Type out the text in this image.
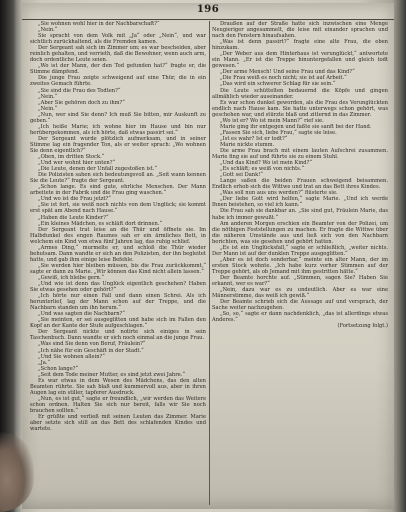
196

„Sie wohnen wohl hier in der Nachbarschaft?“

„Nein.“

Sie spracht von dem Volk mit „Ja“ oder „Nein“, und war sichtlich zurückhaltend, als die Fremden kamen.

Der Sergeant sah sich im Zimmer um; es war bescheiden, aber reinlich gehalten, und verrieth, daß die Bewohner, wenn auch arm, doch ordentliche Leute seien.

„Wo ist der Mann, der den Tod gefunden hat?“ fragte er, die Stimme dämpfend.

Die junge Frau zeigte schweigend auf eine Thür, die in ein zweites Gemach führte.

„Sie sind die Frau des Todten?“

„Nein.“

„Aber Sie gehören doch zu ihm?“

„Nein.“

„Nun, wer sind Sie denn? Ich muß Sie bitten, mir Auskunft zu geben.“

„Ich heiße Marie; ich wohne hier im Hause und bin nur herübergekommen, als ich hörte, daß etwas passirt sei.“

Der Sergeant wurde plötzlich aufmerksam, und in seiner Stimme lag ein fragender Ton, als er weiter sprach: „Wo wohnen Sie denn eigentlich?“

„Oben, im dritten Stock.“

„Und wer wohnt hier unten?“

„Die Leute, denen der Unfall zugestoßen ist.“

Die Polizisten sahen sich bedeutungsvoll an. „Seit wann kennen Sie die Leute?“ fragte der Sergeant.

„Schon lange. Es sind gute, ehrliche Menschen. Der Mann arbeitete in der Fabrik und die Frau ging waschen.“

„Und wo ist die Frau jetzt?“

„Sie ist fort, sie weiß noch nichts von dem Unglück; sie kommt erst spät am Abend nach Hause.“

„Haben die Leute Kinder?“

„Ein kleines Mädchen, es schläft dort drinnen.“

Der Sergeant trat leise an die Thür und öffnete sie. Im Halbdunkel des engen Raumes sah er ein ärmliches Bett, in welchem ein Kind von etwa fünf Jahren lag, das ruhig schlief.

„Armes Ding,“ murmelte er, und schloß die Thür wieder behutsam. Dann wandte er sich an den Polizisten, der ihn begleitet hatte, und gab ihm einige leise Befehle.

„Sie werden hier bleiben müssen, bis die Frau zurückkommt,“ sagte er dann zu Marie. „Wir können das Kind nicht allein lassen.“

„Gewiß, ich bleibe gern.“

„Und wie ist denn das Unglück eigentlich geschehen? Haben Sie etwas gesehen oder gehört?“

„Ich hörte nur einen Fall und dann einen Schrei. Als ich herunterlief, lag der Mann schon auf der Treppe, und die Nachbarn standen um ihn herum.“

„Und was sagten die Nachbarn?“

„Sie meinten, er sei ausgeglitten und habe sich im Fallen den Kopf an der Kante der Stufe aufgeschlagen.“

Der Sergeant nickte und notirte sich einiges in sein Taschenbuch. Dann wandte er sich noch einmal an die junge Frau.

„Was sind Sie denn von Beruf, Fräulein?“

„Ich nähe für ein Geschäft in der Stadt.“

„Und Sie wohnen allein?“

„Ja.“

„Schon lange?“

„Seit dem Tode meiner Mutter, es sind jetzt zwei Jahre.“

Es war etwas in dem Wesen des Mädchens, das den alten Beamten rührte. Sie sah blaß und kummervoll aus, aber in ihren Augen lag ein stiller, tapferer Ausdruck.

„Nun, es ist gut,“ sagte er freundlich, „wir werden das Weitere schon ordnen. Halten Sie sich nur bereit, falls wir Sie noch brauchen sollten.“

Er grüßte und verließ mit seinen Leuten das Zimmer. Marie aber setzte sich still an das Bett des schlafenden Kindes und wartete.

Draußen auf der Straße hatte sich inzwischen eine Menge Neugieriger angesammelt, die leise mit einander sprachen und nach den Fenstern hinaufsahen.

„Was ist denn passirt?“ fragte eine alte Frau, die eben hinzukam.

„Der Weber aus dem Hinterhaus ist verunglückt,“ antwortete ein Mann. „Er ist die Treppe hinuntergefallen und gleich todt gewesen.“

„Der arme Mensch! Und seine Frau und das Kind?“

„Die Frau weiß es noch nicht; sie ist auf Arbeit.“

„Das wird ein schwerer Schlag für sie sein.“

Die Leute schüttelten bedauernd die Köpfe und gingen allmählich wieder auseinander.

Es war schon dunkel geworden, als die Frau des Verunglückten endlich nach Hause kam. Sie hatte unterwegs schon gehört, was geschehen war, und stürzte blaß und zitternd in das Zimmer.

„Wo ist er? Wo ist mein Mann?“ rief sie.

Marie ging ihr entgegen und faßte sie sanft bei der Hand.

„Fassen Sie sich, liebe Frau,“ sagte sie leise.

„Ist es wahr? Ist er todt?“

Marie nickte stumm.

Die arme Frau brach mit einem lauten Aufschrei zusammen. Marie fing sie auf und führte sie zu einem Stuhl.

„Und das Kind? Wo ist mein Kind?“

„Es schläft; es weiß von nichts.“

„Gott sei Dank!“

Lange saßen die beiden Frauen schweigend beisammen. Endlich erhob sich die Wittwe und trat an das Bett ihres Kindes.

„Was soll nun aus uns werden?“ flüsterte sie.

„Der liebe Gott wird helfen,“ sagte Marie. „Und ich werde Ihnen beistehen, so viel ich kann.“

Die Frau sah sie dankbar an. „Sie sind gut, Fräulein Marie, das habe ich immer gewußt.“

Am anderen Morgen erschien ein Beamter von der Polizei, um die nöthigen Feststellungen zu machen. Er fragte die Wittwe über die näheren Umstände aus und ließ sich von den Nachbarn berichten, was sie gesehen und gehört hatten.

„Es ist ein Unglücksfall,“ sagte er schließlich, „weiter nichts. Der Mann ist auf der dunklen Treppe ausgeglitten.“

„Aber es ist doch sonderbar,“ meinte ein alter Mann, der im ersten Stock wohnte. „Ich habe kurz vorher Stimmen auf der Treppe gehört, als ob Jemand mit ihm gestritten hätte.“

Der Beamte horchte auf. „Stimmen, sagen Sie? Haben Sie erkannt, wer es war?“

„Nein, dazu war es zu undeutlich. Aber es war eine Männerstimme, das weiß ich gewiß.“

Der Beamte schrieb sich die Aussage auf und versprach, der Sache weiter nachzugehen.

„So, so,“ sagte er dann nachdenklich, „das ist allerdings etwas Anderes.“

(Fortsetzung folgt.)
